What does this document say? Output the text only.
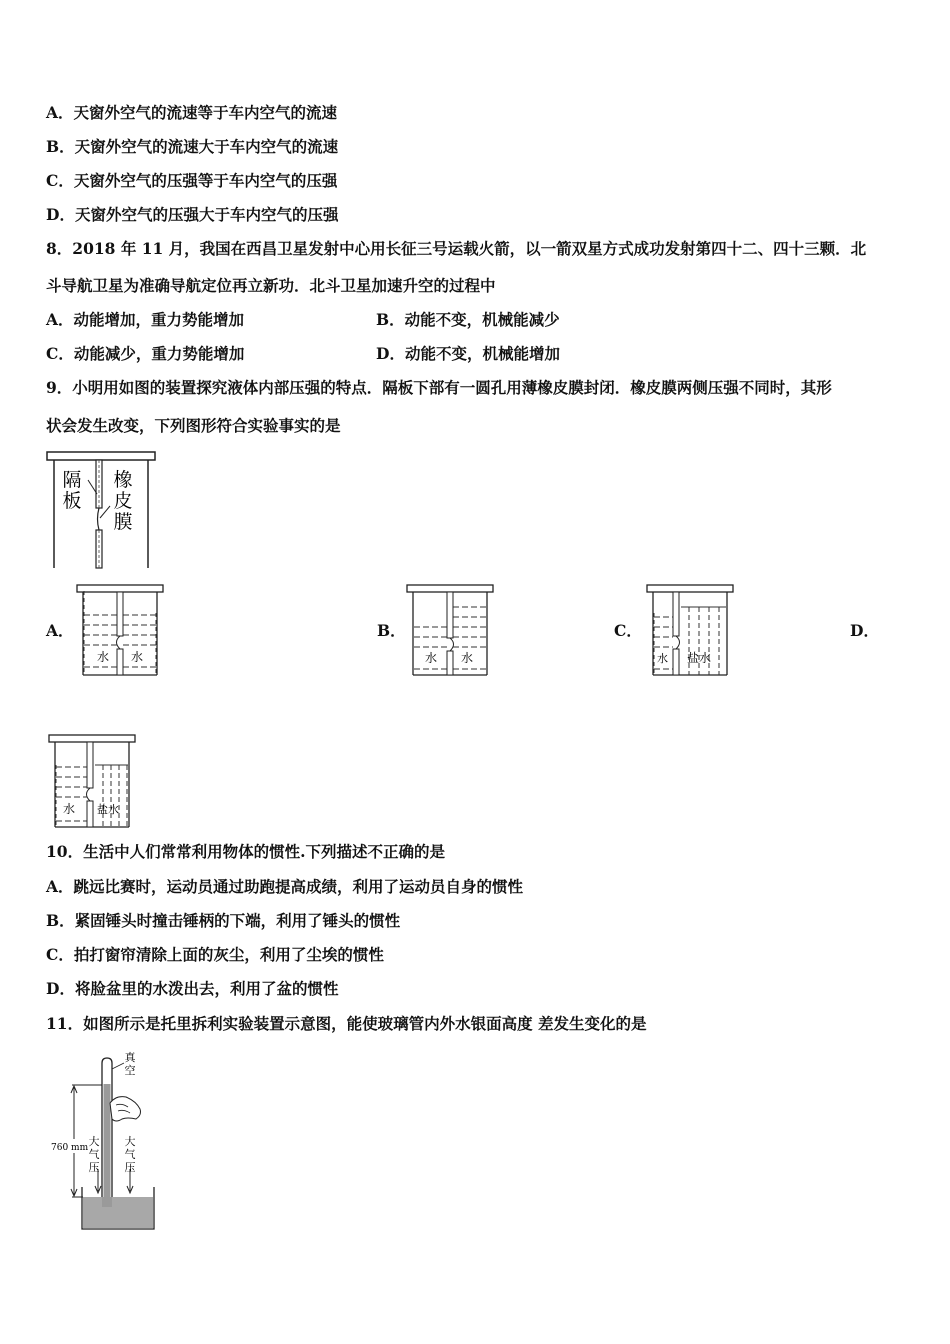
A．天窗外空气的流速等于车内空气的流速
B．天窗外空气的流速大于车内空气的流速
C．天窗外空气的压强等于车内空气的压强
D．天窗外空气的压强大于车内空气的压强
8．2018 年 11 月，我国在西昌卫星发射中心用长征三号运载火箭，以一箭双星方式成功发射第四十二、四十三颗．北
斗导航卫星为准确导航定位再立新功．北斗卫星加速升空的过程中
A．动能增加，重力势能增加	B．动能不变，机械能减少
C．动能减少，重力势能增加	D．动能不变，机械能增加
9．小明用如图的装置探究液体内部压强的特点．隔板下部有一圆孔用薄橡皮膜封闭．橡皮膜两侧压强不同时，其形
状会发生改变，下列图形符合实验事实的是
隔板
橡皮膜
A．	B．	C．	D．
水 水	水 水	水 盐水
水 盐水
10．生活中人们常常利用物体的惯性.下列描述不正确的是
A．跳远比赛时，运动员通过助跑提高成绩，利用了运动员自身的惯性
B．紧固锤头时撞击锤柄的下端，利用了锤头的惯性
C．拍打窗帘清除上面的灰尘，利用了尘埃的惯性
D．将脸盆里的水泼出去，利用了盆的惯性
11．如图所示是托里拆利实验装置示意图，能使玻璃管内外水银面高度 差发生变化的是
真空
760 mm 大气压
大气压
